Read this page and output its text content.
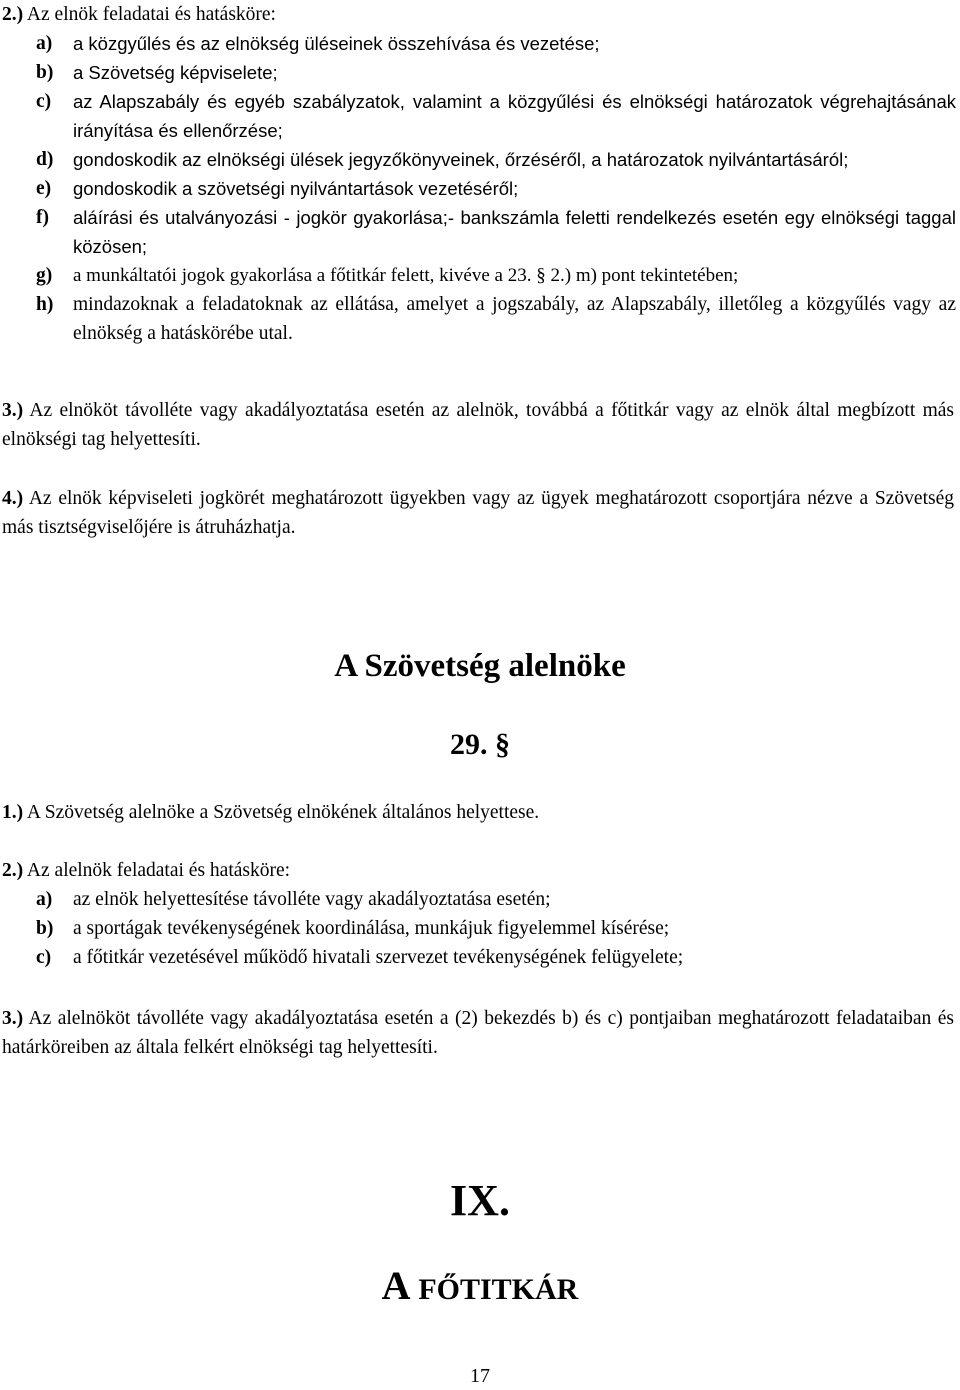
2.) Az elnök feladatai és hatásköre:
a) a közgyűlés és az elnökség üléseinek összehívása és vezetése;
b) a Szövetség képviselete;
c) az Alapszabály és egyéb szabályzatok, valamint a közgyűlési és elnökségi határozatok végrehajtásának irányítása és ellenőrzése;
d) gondoskodik az elnökségi ülések jegyzőkönyveinek, őrzéséről, a határozatok nyilvántartásáról;
e) gondoskodik a szövetségi nyilvántartások vezetéséről;
f) aláírási és utalványozási - jogkör gyakorlása;- bankszámla feletti rendelkezés esetén egy elnökségi taggal közösen;
g) a munkáltatói jogok gyakorlása a főtitkár felett, kivéve a 23. § 2.) m) pont tekintetében;
h) mindazoknak a feladatoknak az ellátása, amelyet a jogszabály, az Alapszabály, illetőleg a közgyűlés vagy az elnökség a hatáskörébe utal.
3.) Az elnököt távolléte vagy akadályoztatása esetén az alelnök, továbbá a főtitkár vagy az elnök által megbízott más elnökségi tag helyettesíti.
4.) Az elnök képviseleti jogkörét meghatározott ügyekben vagy az ügyek meghatározott csoportjára nézve a Szövetség más tisztségviselőjére is átruházhatja.
A Szövetség alelnöke
29. §
1.) A Szövetség alelnöke a Szövetség elnökének általános helyettese.
2.) Az alelnök feladatai és hatásköre:
a) az elnök helyettesítése távolléte vagy akadályoztatása esetén;
b) a sportágak tevékenységének koordinálása, munkájuk figyelemmel kísérése;
c) a főtitkár vezetésével működő hivatali szervezet tevékenységének felügyelete;
3.) Az alelnököt távolléte vagy akadályoztatása esetén a (2) bekezdés b) és c) pontjaiban meghatározott feladataiban és határköreiben az általa felkért elnökségi tag helyettesíti.
IX.
A FŐTITKÁR
17
